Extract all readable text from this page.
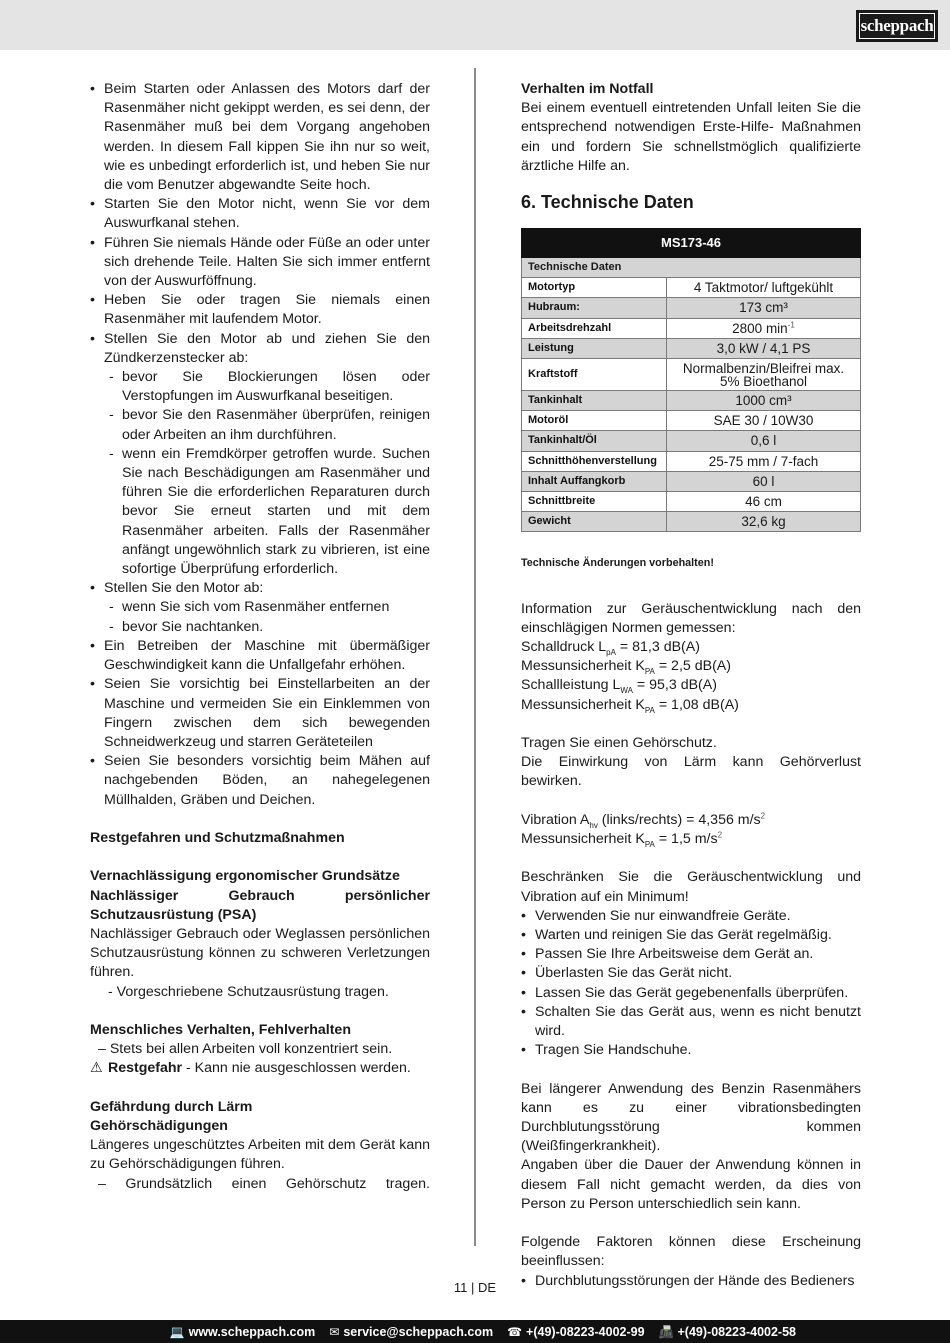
scheppach
• Beim Starten oder Anlassen des Motors darf der Rasenmäher nicht gekippt werden, es sei denn, der Rasenmäher muß bei dem Vorgang angehoben werden. In diesem Fall kippen Sie ihn nur so weit, wie es unbedingt erforderlich ist, und heben Sie nur die vom Benutzer abgewandte Seite hoch.
• Starten Sie den Motor nicht, wenn Sie vor dem Auswurfkanal stehen.
• Führen Sie niemals Hände oder Füße an oder unter sich drehende Teile. Halten Sie sich immer entfernt von der Auswurföffnung.
• Heben Sie oder tragen Sie niemals einen Rasenmäher mit laufendem Motor.
• Stellen Sie den Motor ab und ziehen Sie den Zündkerzenstecker ab:
- bevor Sie Blockierungen lösen oder Verstopfungen im Auswurfkanal beseitigen.
- bevor Sie den Rasenmäher überprüfen, reinigen oder Arbeiten an ihm durchführen.
- wenn ein Fremdkörper getroffen wurde. Suchen Sie nach Beschädigungen am Rasenmäher und führen Sie die erforderlichen Reparaturen durch bevor Sie erneut starten und mit dem Rasenmäher arbeiten. Falls der Rasenmäher anfängt ungewöhnlich stark zu vibrieren, ist eine sofortige Überprüfung erforderlich.
• Stellen Sie den Motor ab:
- wenn Sie sich vom Rasenmäher entfernen
- bevor Sie nachtanken.
• Ein Betreiben der Maschine mit übermäßiger Geschwindigkeit kann die Unfallgefahr erhöhen.
• Seien Sie vorsichtig bei Einstellarbeiten an der Maschine und vermeiden Sie ein Einklemmen von Fingern zwischen dem sich bewegenden Schneidwerkzeug und starren Geräteteilen
• Seien Sie besonders vorsichtig beim Mähen auf nachgebenden Böden, an nahegelegenen Müllhalden, Gräben und Deichen.
Restgefahren und Schutzmaßnahmen
Vernachlässigung ergonomischer Grundsätze
Nachlässiger Gebrauch persönlicher Schutzausrüstung (PSA)
Nachlässiger Gebrauch oder Weglassen persönlichen Schutzausrüstung können zu schweren Verletzungen führen.
- Vorgeschriebene Schutzausrüstung tragen.
Menschliches Verhalten, Fehlverhalten
– Stets bei allen Arbeiten voll konzentriert sein.
⚠ Restgefahr - Kann nie ausgeschlossen werden.
Gefährdung durch Lärm
Gehörschädigungen
Längeres ungeschütztes Arbeiten mit dem Gerät kann zu Gehörschädigungen führen.
– Grundsätzlich einen Gehörschutz tragen.
Verhalten im Notfall
Bei einem eventuell eintretenden Unfall leiten Sie die entsprechend notwendigen Erste-Hilfe- Maßnahmen ein und fordern Sie schnellstmöglich qualifizierte ärztliche Hilfe an.
6. Technische Daten
MS173-46	
Technische Daten	
Motortyp	4 Taktmotor/ luftgekühlt
Hubraum:	173 cm³
Arbeitsdrehzahl	2800 $\min^{-1}$
Leistung	3,0 kW / 4,1 PS
Kraftstoff	Normalbenzin/Bleifrei max. 5% Bioethanol
Tankinhalt	1000 cm³
Motoröl	SAE 30 / 10W30
Tankinhalt/Öl	0,6 l
Schnitthöhenverstellung	25-75 mm / 7-fach
Inhalt Auffangkorb	60 l
Schnittbreite	46 cm
Gewicht	32,6 kg
Technische Änderungen vorbehalten!
Information zur Geräuschentwicklung nach den einschlägigen Normen gemessen:
Schalldruck $L_{pA} = 81,3$ dB(A)
Messunsicherheit $K_{PA} = 2,5$ dB(A)
Schallleistung $L_{WA} = 95,3$ dB(A)
Messunsicherheit $K_{PA} = 1,08$ dB(A)
Tragen Sie einen Gehörschutz.
Die Einwirkung von Lärm kann Gehörverlust bewirken.
Vibration $A_{hv}$ (links/rechts) = 4,356 $m/s^2$
Messunsicherheit $K_{PA} = 1,5$ $m/s^2$
Beschränken Sie die Geräuschentwicklung und Vibration auf ein Minimum!
• Verwenden Sie nur einwandfreie Geräte.
• Warten und reinigen Sie das Gerät regelmäßig.
• Passen Sie Ihre Arbeitsweise dem Gerät an.
• Überlasten Sie das Gerät nicht.
• Lassen Sie das Gerät gegebenenfalls überprüfen.
• Schalten Sie das Gerät aus, wenn es nicht benutzt wird.
• Tragen Sie Handschuhe.
Bei längerer Anwendung des Benzin Rasenmähers kann es zu einer vibrationsbedingten Durchblutungsstörung kommen (Weißfingerkrankheit).
Angaben über die Dauer der Anwendung können in diesem Fall nicht gemacht werden, da dies von Person zu Person unterschiedlich sein kann.
Folgende Faktoren können diese Erscheinung beeinflussen:
• Durchblutungsstörungen der Hände des Bedieners
11 | DE
💻 www.scheppach.com ✉ service@scheppach.com ☎ +(49)-08223-4002-99 📠 +(49)-08223-4002-58
